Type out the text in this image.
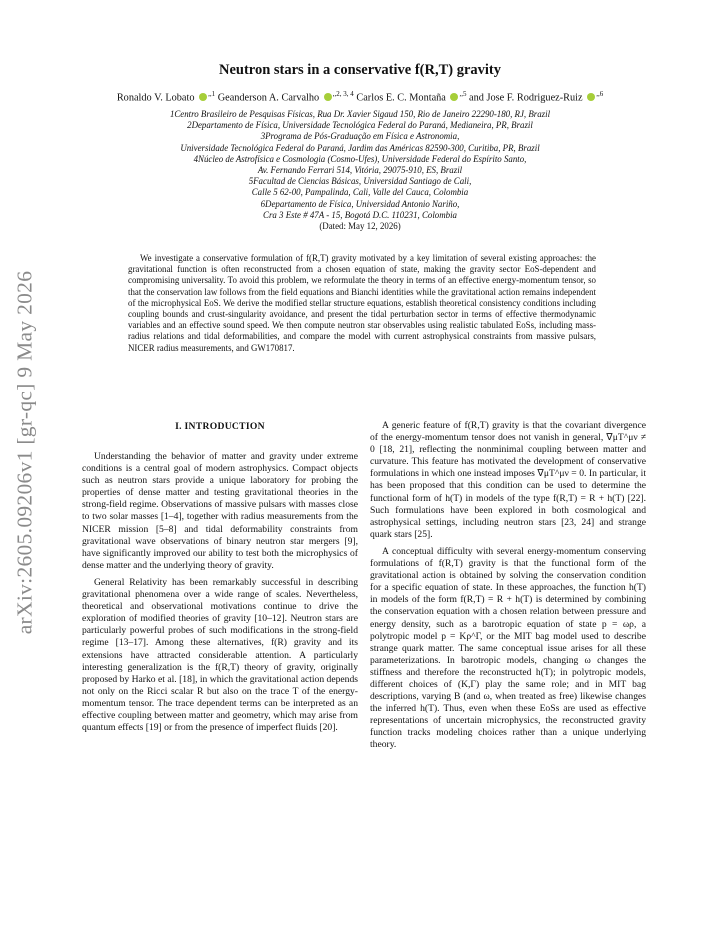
arXiv:2605.09206v1 [gr-qc] 9 May 2026
Neutron stars in a conservative f(R,T) gravity
Ronaldo V. Lobato $^{,,1}$ Geanderson A. Carvalho $^{,,2, 3, 4}$ Carlos E. C. Montaña $^{,,5}$ and Jose F. Rodriguez-Ruiz $^{,,6}$
1Centro Brasileiro de Pesquisas Físicas, Rua Dr. Xavier Sigaud 150, Rio de Janeiro 22290-180, RJ, Brazil
2Departamento de Física, Universidade Tecnológica Federal do Paraná, Medianeira, PR, Brazil
3Programa de Pós-Graduação em Física e Astronomia,
Universidade Tecnológica Federal do Paraná, Jardim das Américas 82590-300, Curitiba, PR, Brazil
4Núcleo de Astrofísica e Cosmologia (Cosmo-Ufes), Universidade Federal do Espírito Santo,
Av. Fernando Ferrari 514, Vitória, 29075-910, ES, Brazil
5Facultad de Ciencias Básicas, Universidad Santiago de Cali,
Calle 5 62-00, Pampalinda, Cali, Valle del Cauca, Colombia
6Departamento de Física, Universidad Antonio Nariño,
Cra 3 Este # 47A - 15, Bogotá D.C. 110231, Colombia
(Dated: May 12, 2026)

We investigate a conservative formulation of f(R,T) gravity motivated by a key limitation of several existing approaches: the gravitational function is often reconstructed from a chosen equation of state, making the gravity sector EoS-dependent and compromising universality. To avoid this problem, we reformulate the theory in terms of an effective energy-momentum tensor, so that the conservation law follows from the field equations and Bianchi identities while the gravitational action remains independent of the microphysical EoS. We derive the modified stellar structure equations, establish theoretical consistency conditions including coupling bounds and crust-singularity avoidance, and present the tidal perturbation sector in terms of effective thermodynamic variables and an effective sound speed. We then compute neutron star observables using realistic tabulated EoSs, including mass-radius relations and tidal deformabilities, and compare the model with current astrophysical constraints from massive pulsars, NICER radius measurements, and GW170817.

I. INTRODUCTION

Understanding the behavior of matter and gravity under extreme conditions is a central goal of modern astrophysics. Compact objects such as neutron stars provide a unique laboratory for probing the properties of dense matter and testing gravitational theories in the strong-field regime. Observations of massive pulsars with masses close to two solar masses [1–4], together with radius measurements from the NICER mission [5–8] and tidal deformability constraints from gravitational wave observations of binary neutron star mergers [9], have significantly improved our ability to test both the microphysics of dense matter and the underlying theory of gravity.

General Relativity has been remarkably successful in describing gravitational phenomena over a wide range of scales. Nevertheless, theoretical and observational motivations continue to drive the exploration of modified theories of gravity [10–12]. Neutron stars are particularly powerful probes of such modifications in the strong-field regime [13–17]. Among these alternatives, f(R) gravity and its extensions have attracted considerable attention. A particularly interesting generalization is the f(R,T) theory of gravity, originally proposed by Harko et al. [18], in which the gravitational action depends not only on the Ricci scalar R but also on the trace T of the energy-momentum tensor. The trace dependent terms can be interpreted as an effective coupling between matter and geometry, which may arise from quantum effects [19] or from the presence of imperfect fluids [20].

A generic feature of f(R,T) gravity is that the covariant divergence of the energy-momentum tensor does not vanish in general, ∇μT^μν ≠ 0 [18, 21], reflecting the nonminimal coupling between matter and curvature. This feature has motivated the development of conservative formulations in which one instead imposes ∇μT^μν = 0. In particular, it has been proposed that this condition can be used to determine the functional form of h(T) in models of the type f(R,T) = R + h(T) [22]. Such formulations have been explored in both cosmological and astrophysical settings, including neutron stars [23, 24] and strange quark stars [25].

A conceptual difficulty with several energy-momentum conserving formulations of f(R,T) gravity is that the functional form of the gravitational action is obtained by solving the conservation condition for a specific equation of state. In these approaches, the function h(T) in models of the form f(R,T) = R + h(T) is determined by combining the conservation equation with a chosen relation between pressure and energy density, such as a barotropic equation of state p = ωρ, a polytropic model p = Kρ^Γ, or the MIT bag model used to describe strange quark matter. The same conceptual issue arises for all these parameterizations. In barotropic models, changing ω changes the stiffness and therefore the reconstructed h(T); in polytropic models, different choices of (K,Γ) play the same role; and in MIT bag descriptions, varying B (and ω, when treated as free) likewise changes the inferred h(T). Thus, even when these EoSs are used as effective representations of uncertain microphysics, the reconstructed gravity function tracks modeling choices rather than a unique underlying theory.
